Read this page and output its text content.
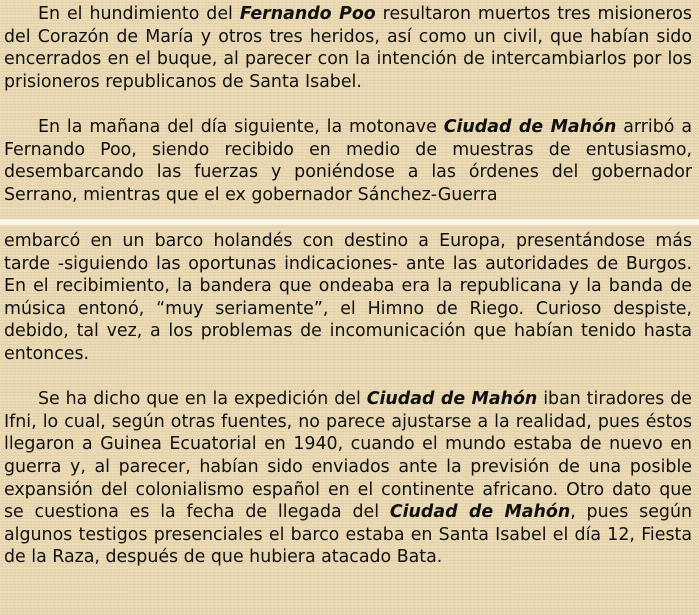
En el hundimiento del Fernando Poo resultaron muertos tres misioneros del Corazón de María y otros tres heridos, así como un civil, que habían sido encerrados en el buque, al parecer con la intención de intercambiarlos por los prisioneros republicanos de Santa Isabel.

En la mañana del día siguiente, la motonave Ciudad de Mahón arribó a Fernando Poo, siendo recibido en medio de muestras de entusiasmo, desembarcando las fuerzas y poniéndose a las órdenes del gobernador Serrano, mientras que el ex gobernador Sánchez-Guerra

embarcó en un barco holandés con destino a Europa, presentándose más tarde -siguiendo las oportunas indicaciones- ante las autoridades de Burgos. En el recibimiento, la bandera que ondeaba era la republicana y la banda de música entonó, “muy seriamente”, el Himno de Riego. Curioso despiste, debido, tal vez, a los problemas de incomunicación que habían tenido hasta entonces.

Se ha dicho que en la expedición del Ciudad de Mahón iban tiradores de Ifni, lo cual, según otras fuentes, no parece ajustarse a la realidad, pues éstos llegaron a Guinea Ecuatorial en 1940, cuando el mundo estaba de nuevo en guerra y, al parecer, habían sido enviados ante la previsión de una posible expansión del colonialismo español en el continente africano. Otro dato que se cuestiona es la fecha de llegada del Ciudad de Mahón, pues según algunos testigos presenciales el barco estaba en Santa Isabel el día 12, Fiesta de la Raza, después de que hubiera atacado Bata.
